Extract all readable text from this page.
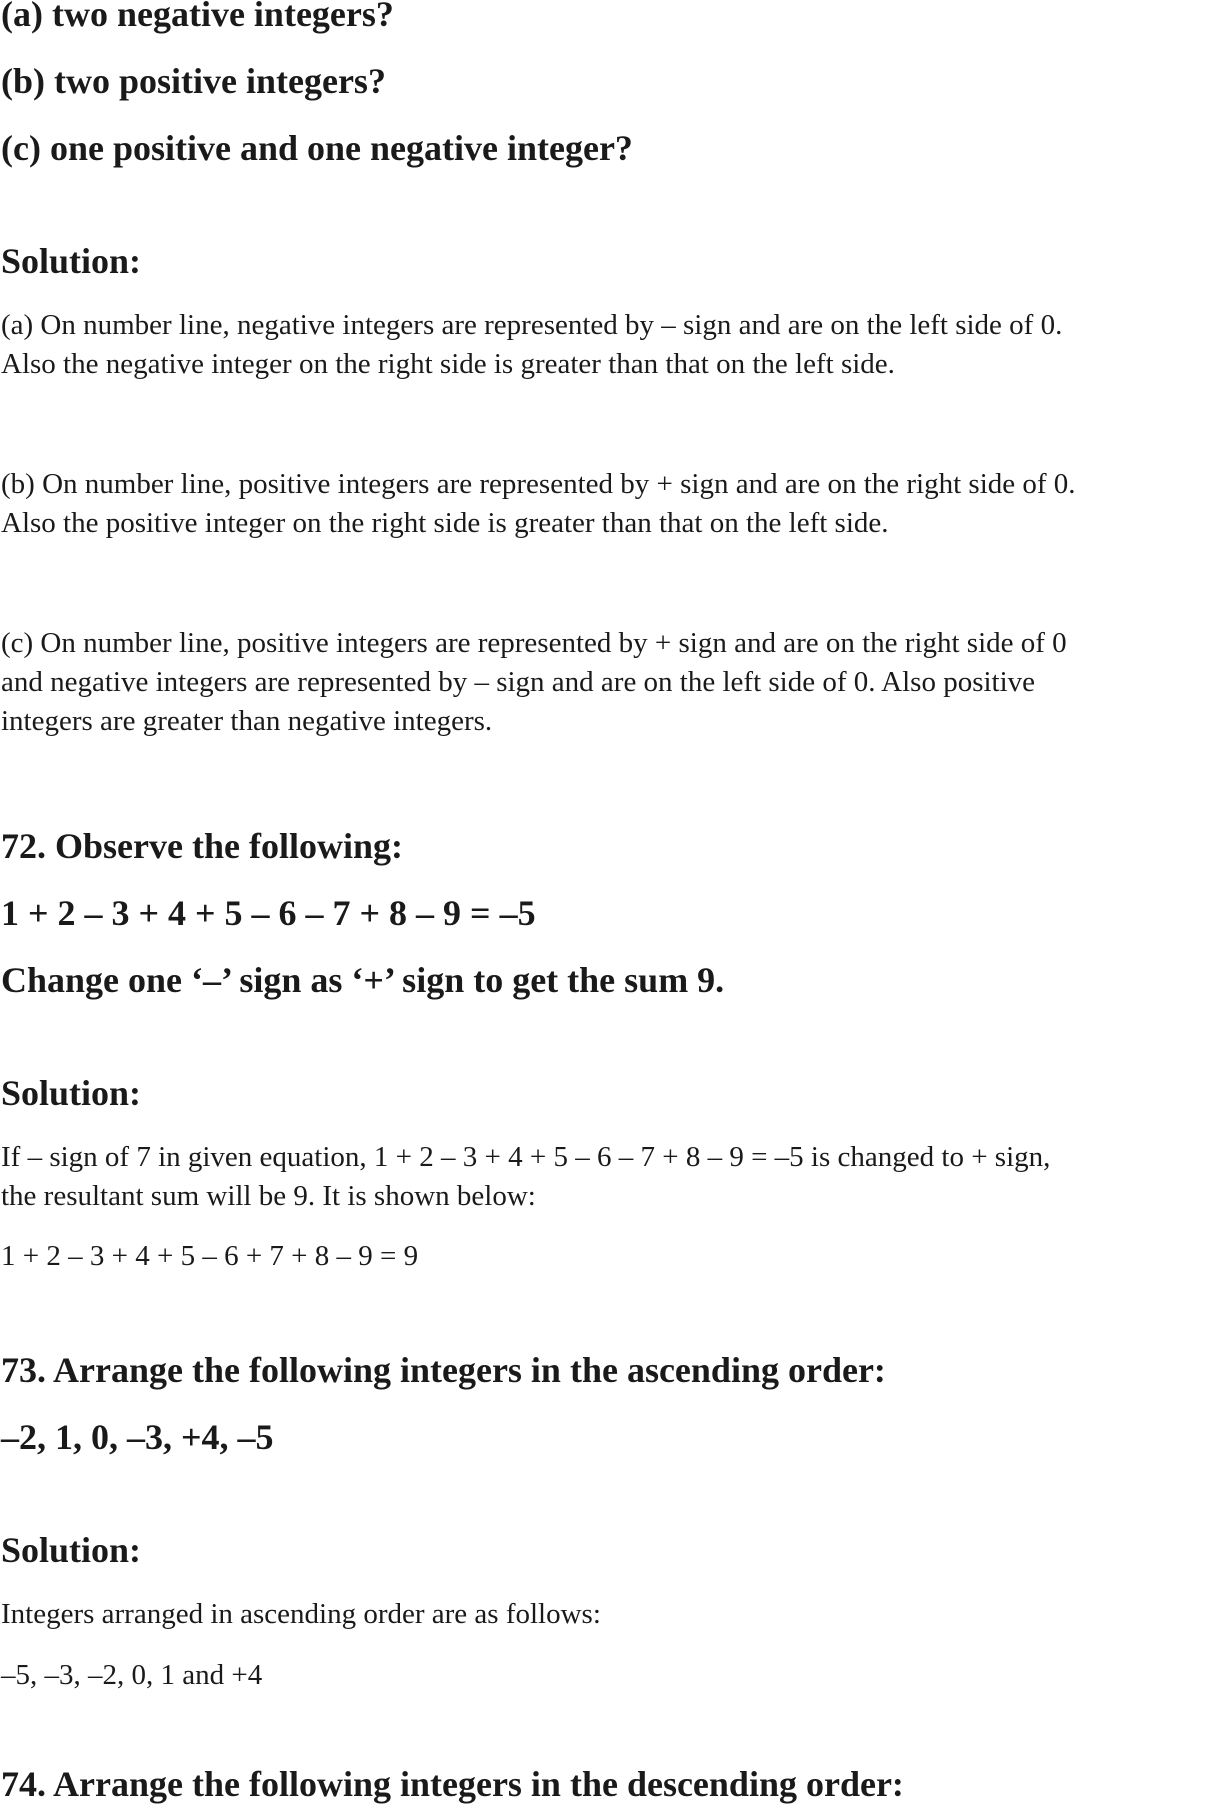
(a) two negative integers?
(b) two positive integers?
(c) one positive and one negative integer?
Solution:
(a) On number line, negative integers are represented by – sign and are on the left side of 0.
Also the negative integer on the right side is greater than that on the left side.
(b) On number line, positive integers are represented by + sign and are on the right side of 0.
Also the positive integer on the right side is greater than that on the left side.
(c) On number line, positive integers are represented by + sign and are on the right side of 0
and negative integers are represented by – sign and are on the left side of 0. Also positive
integers are greater than negative integers.
72. Observe the following:
1 + 2 – 3 + 4 + 5 – 6 – 7 + 8 – 9 = –5
Change one ‘–’ sign as ‘+’ sign to get the sum 9.
Solution:
If – sign of 7 in given equation, 1 + 2 – 3 + 4 + 5 – 6 – 7 + 8 – 9 = –5 is changed to + sign,
the resultant sum will be 9. It is shown below:
1 + 2 – 3 + 4 + 5 – 6 + 7 + 8 – 9 = 9
73. Arrange the following integers in the ascending order:
–2, 1, 0, –3, +4, –5
Solution:
Integers arranged in ascending order are as follows:
–5, –3, –2, 0, 1 and +4
74. Arrange the following integers in the descending order:
